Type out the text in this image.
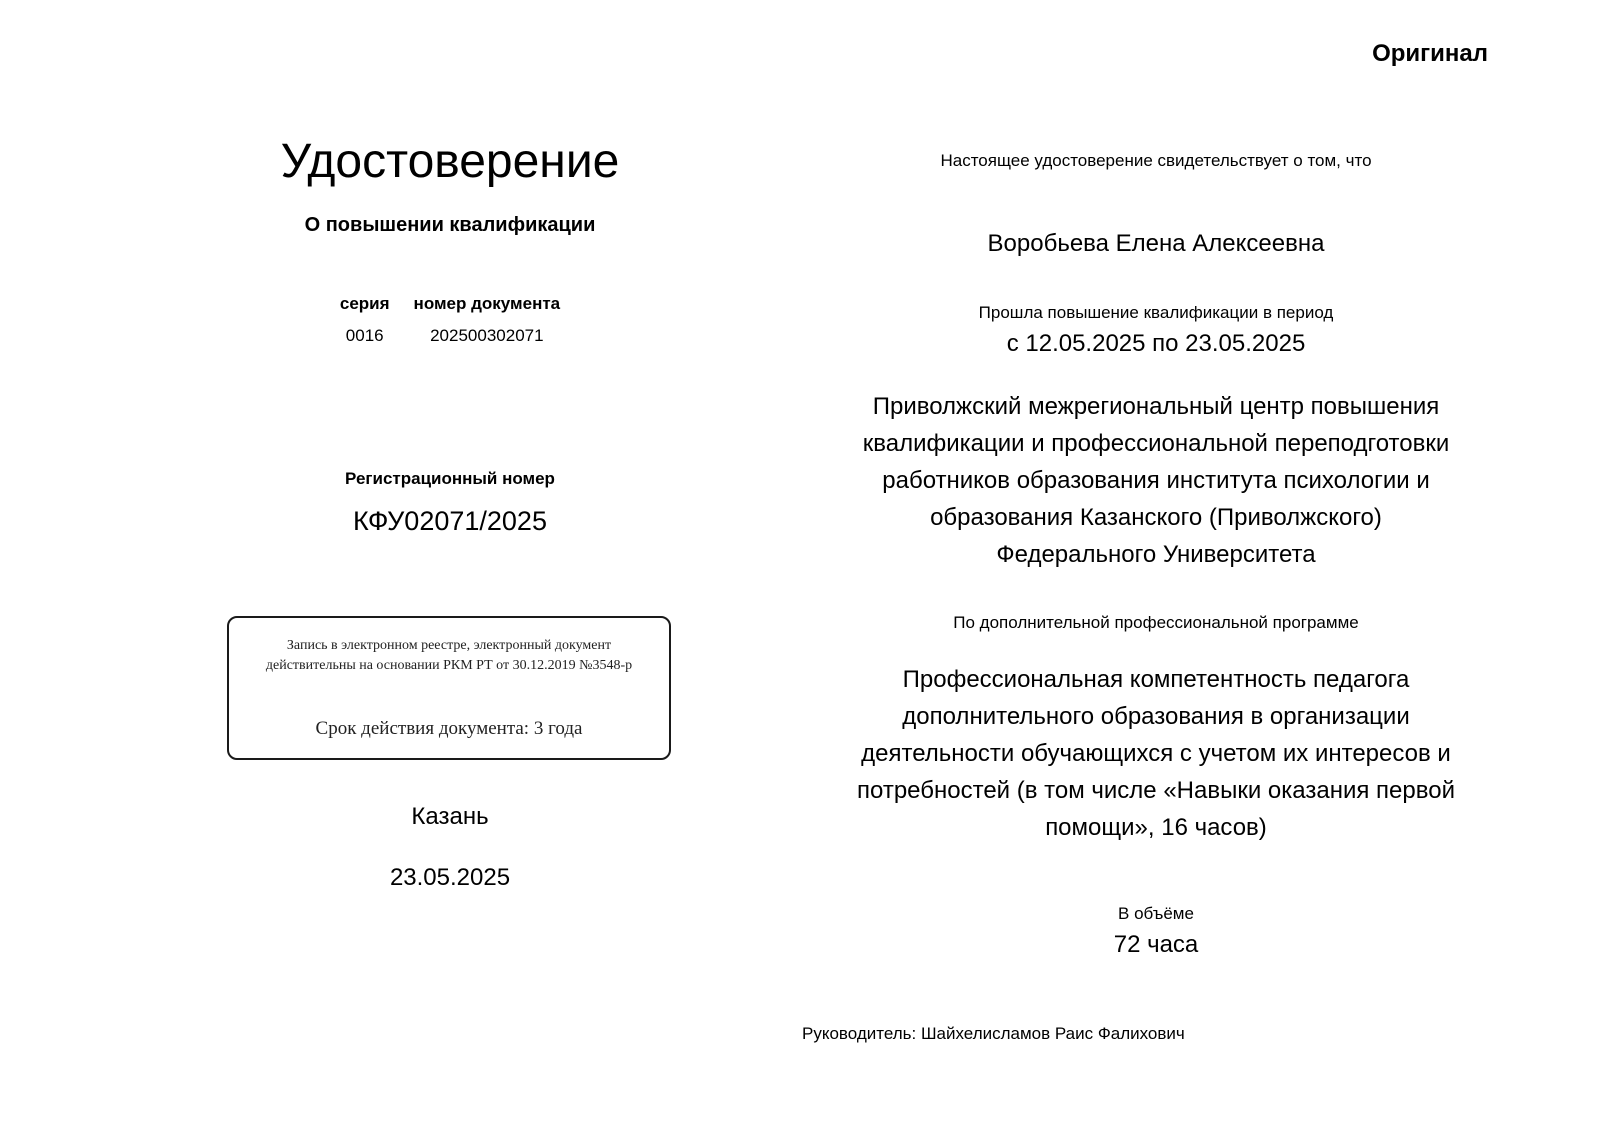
Оригинал
Удостоверение
О повышении квалификации
серия	номер документа
0016	202500302071
Регистрационный номер
КФУ02071/2025
Запись в электронном реестре, электронный документ
действительны на основании РКМ РТ от 30.12.2019 №3548-р
Срок действия документа: 3 года
Казань
23.05.2025
Настоящее удостоверение свидетельствует о том, что
Воробьева Елена Алексеевна
Прошла повышение квалификации в период
с 12.05.2025 по 23.05.2025
Приволжский межрегиональный центр повышения
квалификации и профессиональной переподготовки
работников образования института психологии и
образования Казанского (Приволжского)
Федерального Университета
По дополнительной профессиональной программе
Профессиональная компетентность педагога
дополнительного образования в организации
деятельности обучающихся с учетом их интересов и
потребностей (в том числе «Навыки оказания первой
помощи», 16 часов)
В объёме
72 часа
Руководитель: Шайхелисламов Раис Фалихович
